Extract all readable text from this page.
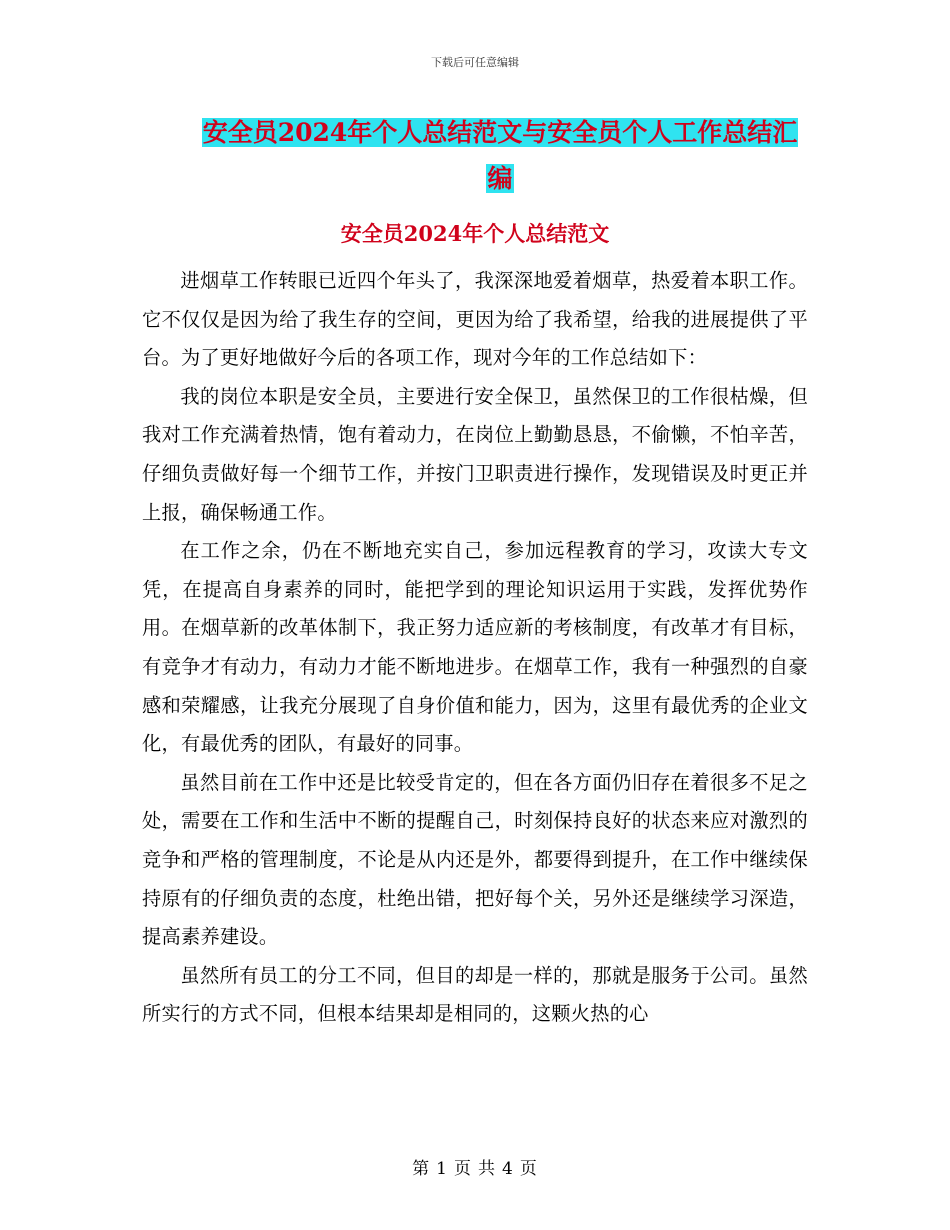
下载后可任意编辑
安全员2024年个人总结范文与安全员个人工作总结汇
编
安全员2024年个人总结范文

进烟草工作转眼已近四个年头了，我深深地爱着烟草，热爱着本职工作。它不仅仅是因为给了我生存的空间，更因为给了我希望，给我的进展提供了平台。为了更好地做好今后的各项工作，现对今年的工作总结如下：

我的岗位本职是安全员，主要进行安全保卫，虽然保卫的工作很枯燥，但我对工作充满着热情，饱有着动力，在岗位上勤勤恳恳，不偷懒，不怕辛苦，仔细负责做好每一个细节工作，并按门卫职责进行操作，发现错误及时更正并上报，确保畅通工作。

在工作之余，仍在不断地充实自己，参加远程教育的学习，攻读大专文凭，在提高自身素养的同时，能把学到的理论知识运用于实践，发挥优势作用。在烟草新的改革体制下，我正努力适应新的考核制度，有改革才有目标，有竞争才有动力，有动力才能不断地进步。在烟草工作，我有一种强烈的自豪感和荣耀感，让我充分展现了自身价值和能力，因为，这里有最优秀的企业文化，有最优秀的团队，有最好的同事。

虽然目前在工作中还是比较受肯定的，但在各方面仍旧存在着很多不足之处，需要在工作和生活中不断的提醒自己，时刻保持良好的状态来应对激烈的竞争和严格的管理制度，不论是从内还是外，都要得到提升，在工作中继续保持原有的仔细负责的态度，杜绝出错，把好每个关，另外还是继续学习深造，提高素养建设。

虽然所有员工的分工不同，但目的却是一样的，那就是服务于公司。虽然所实行的方式不同，但根本结果却是相同的，这颗火热的心

第 1 页 共 4 页
